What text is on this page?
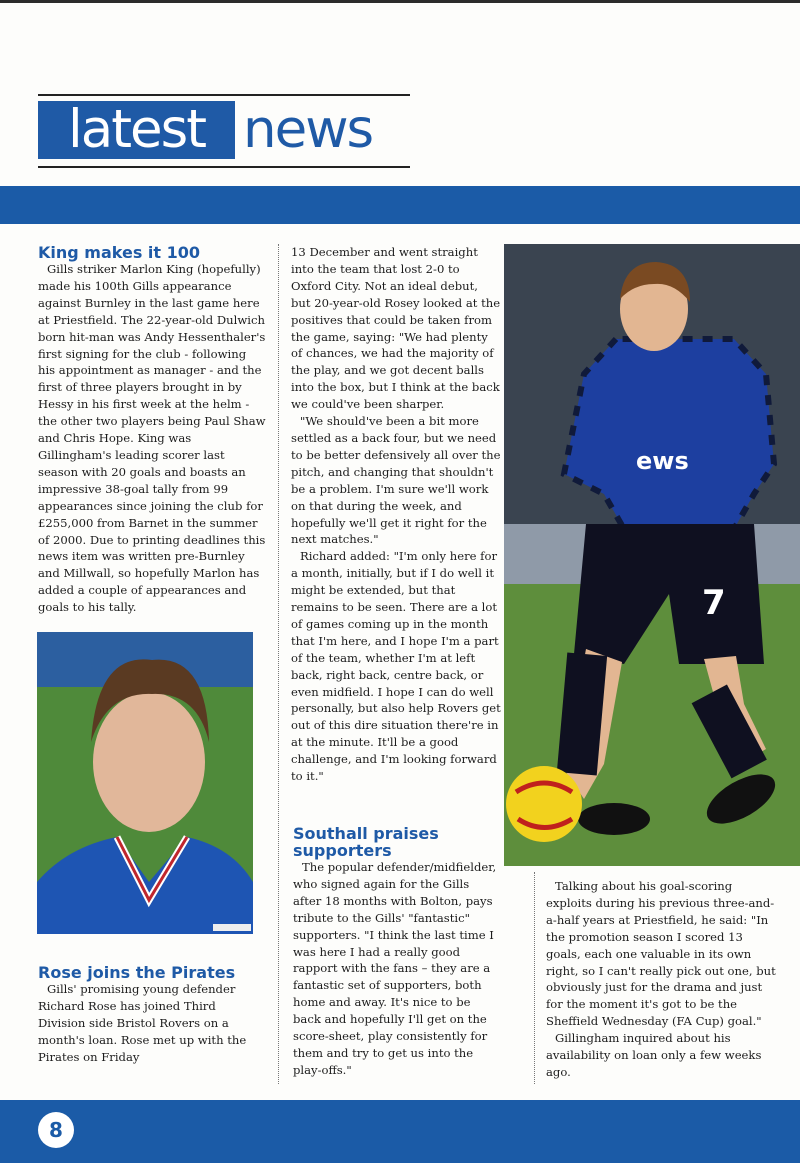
latest news
King makes it 100

Gills striker Marlon King (hopefully) made his 100th Gills appearance against Burnley in the last game here at Priestfield. The 22-year-old Dulwich born hit-man was Andy Hessenthaler's first signing for the club - following his appointment as manager - and the first of three players brought in by Hessy in his first week at the helm - the other two players being Paul Shaw and Chris Hope. King was Gillingham's leading scorer last season with 20 goals and boasts an impressive 38-goal tally from 99 appearances since joining the club for £255,000 from Barnet in the summer of 2000. Due to printing deadlines this news item was written pre-Burnley and Millwall, so hopefully Marlon has added a couple of appearances and goals to his tally.

Rose joins the Pirates

Gills' promising young defender Richard Rose has joined Third Division side Bristol Rovers on a month's loan. Rose met up with the Pirates on Friday

13 December and went straight into the team that lost 2-0 to Oxford City. Not an ideal debut, but 20-year-old Rosey looked at the positives that could be taken from the game, saying: "We had plenty of chances, we had the majority of the play, and we got decent balls into the box, but I think at the back we could've been sharper.

"We should've been a bit more settled as a back four, but we need to be better defensively all over the pitch, and changing that shouldn't be a problem. I'm sure we'll work on that during the week, and hopefully we'll get it right for the next matches."

Richard added: "I'm only here for a month, initially, but if I do well it might be extended, but that remains to be seen. There are a lot of games coming up in the month that I'm here, and I hope I'm a part of the team, whether I'm at left back, right back, centre back, or even midfield. I hope I can do well personally, but also help Rovers get out of this dire situation there're in at the minute. It'll be a good challenge, and I'm looking forward to it."

Southall praises
supporters

The popular defender/midfielder, who signed again for the Gills after 18 months with Bolton, pays tribute to the Gills' "fantastic" supporters. "I think the last time I was here I had a really good rapport with the fans – they are a fantastic set of supporters, both home and away. It's nice to be back and hopefully I'll get on the score-sheet, play consistently for them and try to get us into the play-offs."

7
ews

Talking about his goal-scoring exploits during his previous three-and-a-half years at Priestfield, he said: "In the promotion season I scored 13 goals, each one valuable in its own right, so I can't really pick out one, but obviously just for the drama and just for the moment it's got to be the Sheffield Wednesday (FA Cup) goal."

Gillingham inquired about his availability on loan only a few weeks ago.

8
